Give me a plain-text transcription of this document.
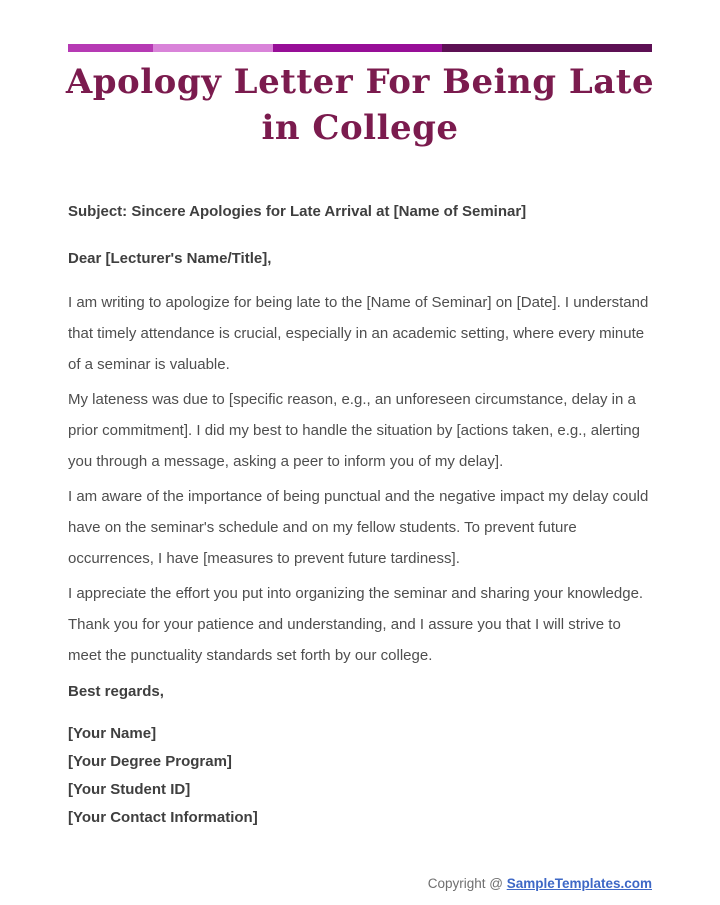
Apology Letter For Being Late
in College

Subject: Sincere Apologies for Late Arrival at [Name of Seminar]

Dear [Lecturer's Name/Title],

I am writing to apologize for being late to the [Name of Seminar] on [Date]. I understand that timely attendance is crucial, especially in an academic setting, where every minute of a seminar is valuable.

My lateness was due to [specific reason, e.g., an unforeseen circumstance, delay in a prior commitment]. I did my best to handle the situation by [actions taken, e.g., alerting you through a message, asking a peer to inform you of my delay].

I am aware of the importance of being punctual and the negative impact my delay could have on the seminar's schedule and on my fellow students. To prevent future occurrences, I have [measures to prevent future tardiness].

I appreciate the effort you put into organizing the seminar and sharing your knowledge. Thank you for your patience and understanding, and I assure you that I will strive to meet the punctuality standards set forth by our college.

Best regards,

[Your Name]

[Your Degree Program]

[Your Student ID]

[Your Contact Information]

Copyright @ SampleTemplates.com
